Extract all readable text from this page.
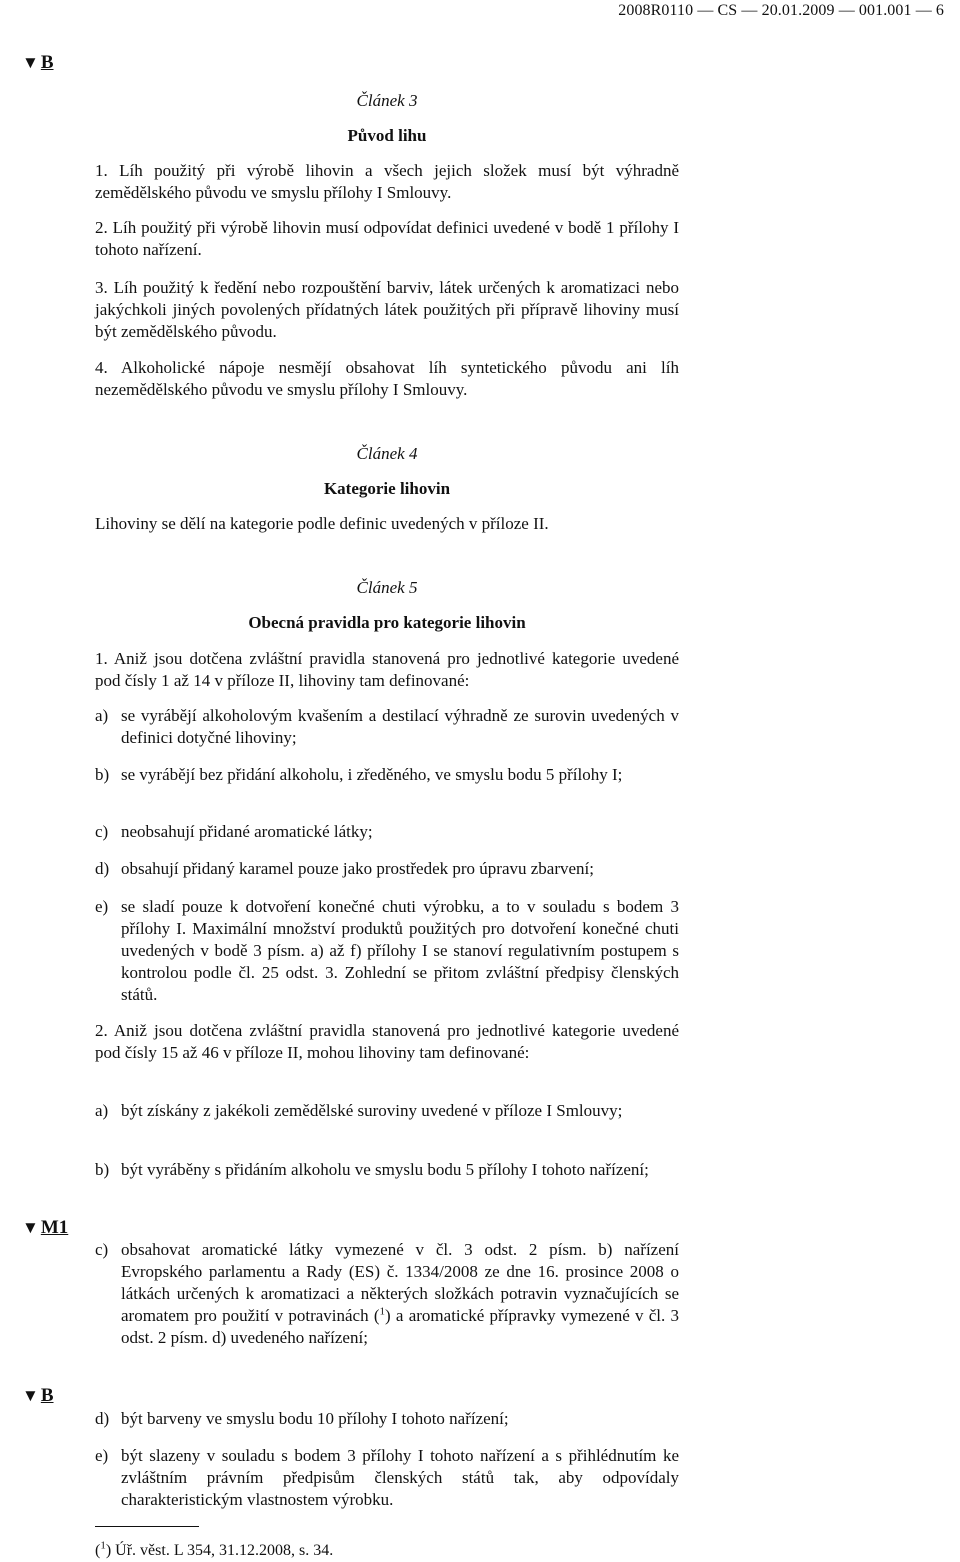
2008R0110 — CS — 20.01.2009 — 001.001 — 6
▼ B
▼ M1
▼ B
Článek 3
Původ lihu
1. Líh použitý při výrobě lihovin a všech jejich složek musí být výhradně zemědělského původu ve smyslu přílohy I Smlouvy.
2. Líh použitý při výrobě lihovin musí odpovídat definici uvedené v bodě 1 přílohy I tohoto nařízení.
3. Líh použitý k ředění nebo rozpouštění barviv, látek určených k aromatizaci nebo jakýchkoli jiných povolených přídatných látek použitých při přípravě lihoviny musí být zemědělského původu.
4. Alkoholické nápoje nesmějí obsahovat líh syntetického původu ani líh nezemědělského původu ve smyslu přílohy I Smlouvy.
Článek 4
Kategorie lihovin
Lihoviny se dělí na kategorie podle definic uvedených v příloze II.
Článek 5
Obecná pravidla pro kategorie lihovin
1. Aniž jsou dotčena zvláštní pravidla stanovená pro jednotlivé kategorie uvedené pod čísly 1 až 14 v příloze II, lihoviny tam definované:
a) se vyrábějí alkoholovým kvašením a destilací výhradně ze surovin uvedených v definici dotyčné lihoviny;
b) se vyrábějí bez přidání alkoholu, i zředěného, ve smyslu bodu 5 přílohy I;
c) neobsahují přidané aromatické látky;
d) obsahují přidaný karamel pouze jako prostředek pro úpravu zbarvení;
e) se sladí pouze k dotvoření konečné chuti výrobku, a to v souladu s bodem 3 přílohy I. Maximální množství produktů použitých pro dotvoření konečné chuti uvedených v bodě 3 písm. a) až f) přílohy I se stanoví regulativním postupem s kontrolou podle čl. 25 odst. 3. Zohlední se přitom zvláštní předpisy členských států.
2. Aniž jsou dotčena zvláštní pravidla stanovená pro jednotlivé kategorie uvedené pod čísly 15 až 46 v příloze II, mohou lihoviny tam definované:
a) být získány z jakékoli zemědělské suroviny uvedené v příloze I Smlouvy;
b) být vyráběny s přidáním alkoholu ve smyslu bodu 5 přílohy I tohoto nařízení;
c) obsahovat aromatické látky vymezené v čl. 3 odst. 2 písm. b) nařízení Evropského parlamentu a Rady (ES) č. 1334/2008 ze dne 16. prosince 2008 o látkách určených k aromatizaci a některých složkách potravin vyznačujících se aromatem pro použití v potravinách ($^1$) a aromatické přípravky vymezené v čl. 3 odst. 2 písm. d) uvedeného nařízení;
d) být barveny ve smyslu bodu 10 přílohy I tohoto nařízení;
e) být slazeny v souladu s bodem 3 přílohy I tohoto nařízení a s přihlédnutím ke zvláštním právním předpisům členských států tak, aby odpovídaly charakteristickým vlastnostem výrobku.
($^1$) Úř. věst. L 354, 31.12.2008, s. 34.
